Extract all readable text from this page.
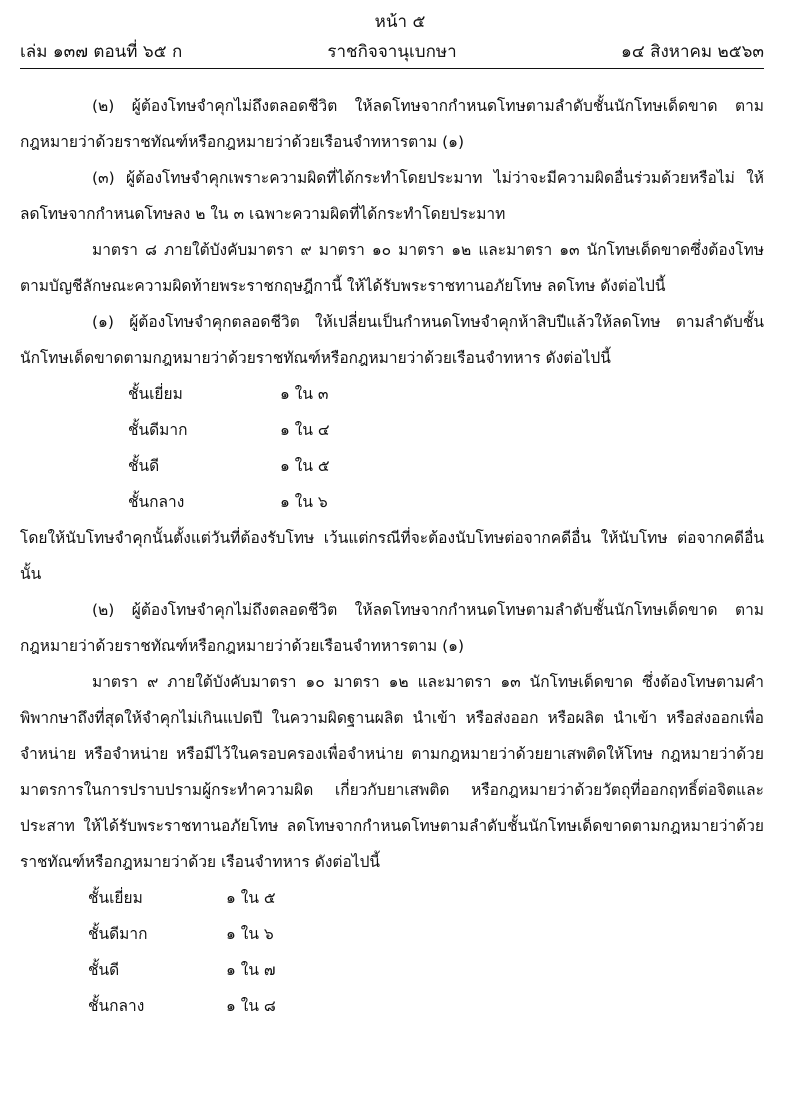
หน้า ๕
เล่ม ๑๓๗ ตอนที่ ๖๕ ก	ราชกิจจานุเบกษา	๑๔ สิงหาคม ๒๕๖๓

(๒) ผู้ต้องโทษจำคุกไม่ถึงตลอดชีวิต ให้ลดโทษจากกำหนดโทษตามลำดับชั้นนักโทษเด็ดขาด ตามกฎหมายว่าด้วยราชทัณฑ์หรือกฎหมายว่าด้วยเรือนจำทหารตาม (๑)

(๓) ผู้ต้องโทษจำคุกเพราะความผิดที่ได้กระทำโดยประมาท ไม่ว่าจะมีความผิดอื่นร่วมด้วยหรือไม่ ให้ลดโทษจากกำหนดโทษลง ๒ ใน ๓ เฉพาะความผิดที่ได้กระทำโดยประมาท

มาตรา ๘ ภายใต้บังคับมาตรา ๙ มาตรา ๑๐ มาตรา ๑๒ และมาตรา ๑๓ นักโทษเด็ดขาดซึ่งต้องโทษตามบัญชีลักษณะความผิดท้ายพระราชกฤษฎีกานี้ ให้ได้รับพระราชทานอภัยโทษ ลดโทษ ดังต่อไปนี้

(๑) ผู้ต้องโทษจำคุกตลอดชีวิต ให้เปลี่ยนเป็นกำหนดโทษจำคุกห้าสิบปีแล้วให้ลดโทษ ตามลำดับชั้นนักโทษเด็ดขาดตามกฎหมายว่าด้วยราชทัณฑ์หรือกฎหมายว่าด้วยเรือนจำทหาร ดังต่อไปนี้

ชั้นเยี่ยม	๑ ใน ๓
ชั้นดีมาก	๑ ใน ๔
ชั้นดี	๑ ใน ๕
ชั้นกลาง	๑ ใน ๖

โดยให้นับโทษจำคุกนั้นตั้งแต่วันที่ต้องรับโทษ เว้นแต่กรณีที่จะต้องนับโทษต่อจากคดีอื่น ให้นับโทษ ต่อจากคดีอื่นนั้น

(๒) ผู้ต้องโทษจำคุกไม่ถึงตลอดชีวิต ให้ลดโทษจากกำหนดโทษตามลำดับชั้นนักโทษเด็ดขาด ตามกฎหมายว่าด้วยราชทัณฑ์หรือกฎหมายว่าด้วยเรือนจำทหารตาม (๑)

มาตรา ๙ ภายใต้บังคับมาตรา ๑๐ มาตรา ๑๒ และมาตรา ๑๓ นักโทษเด็ดขาด ซึ่งต้องโทษตามคำพิพากษาถึงที่สุดให้จำคุกไม่เกินแปดปี ในความผิดฐานผลิต นำเข้า หรือส่งออก หรือผลิต นำเข้า หรือส่งออกเพื่อจำหน่าย หรือจำหน่าย หรือมีไว้ในครอบครองเพื่อจำหน่าย ตามกฎหมายว่าด้วยยาเสพติดให้โทษ กฎหมายว่าด้วยมาตรการในการปราบปรามผู้กระทำความผิด เกี่ยวกับยาเสพติด หรือกฎหมายว่าด้วยวัตถุที่ออกฤทธิ์ต่อจิตและประสาท ให้ได้รับพระราชทานอภัยโทษ ลดโทษจากกำหนดโทษตามลำดับชั้นนักโทษเด็ดขาดตามกฎหมายว่าด้วยราชทัณฑ์หรือกฎหมายว่าด้วย เรือนจำทหาร ดังต่อไปนี้

ชั้นเยี่ยม	๑ ใน ๕
ชั้นดีมาก	๑ ใน ๖
ชั้นดี	๑ ใน ๗
ชั้นกลาง	๑ ใน ๘
